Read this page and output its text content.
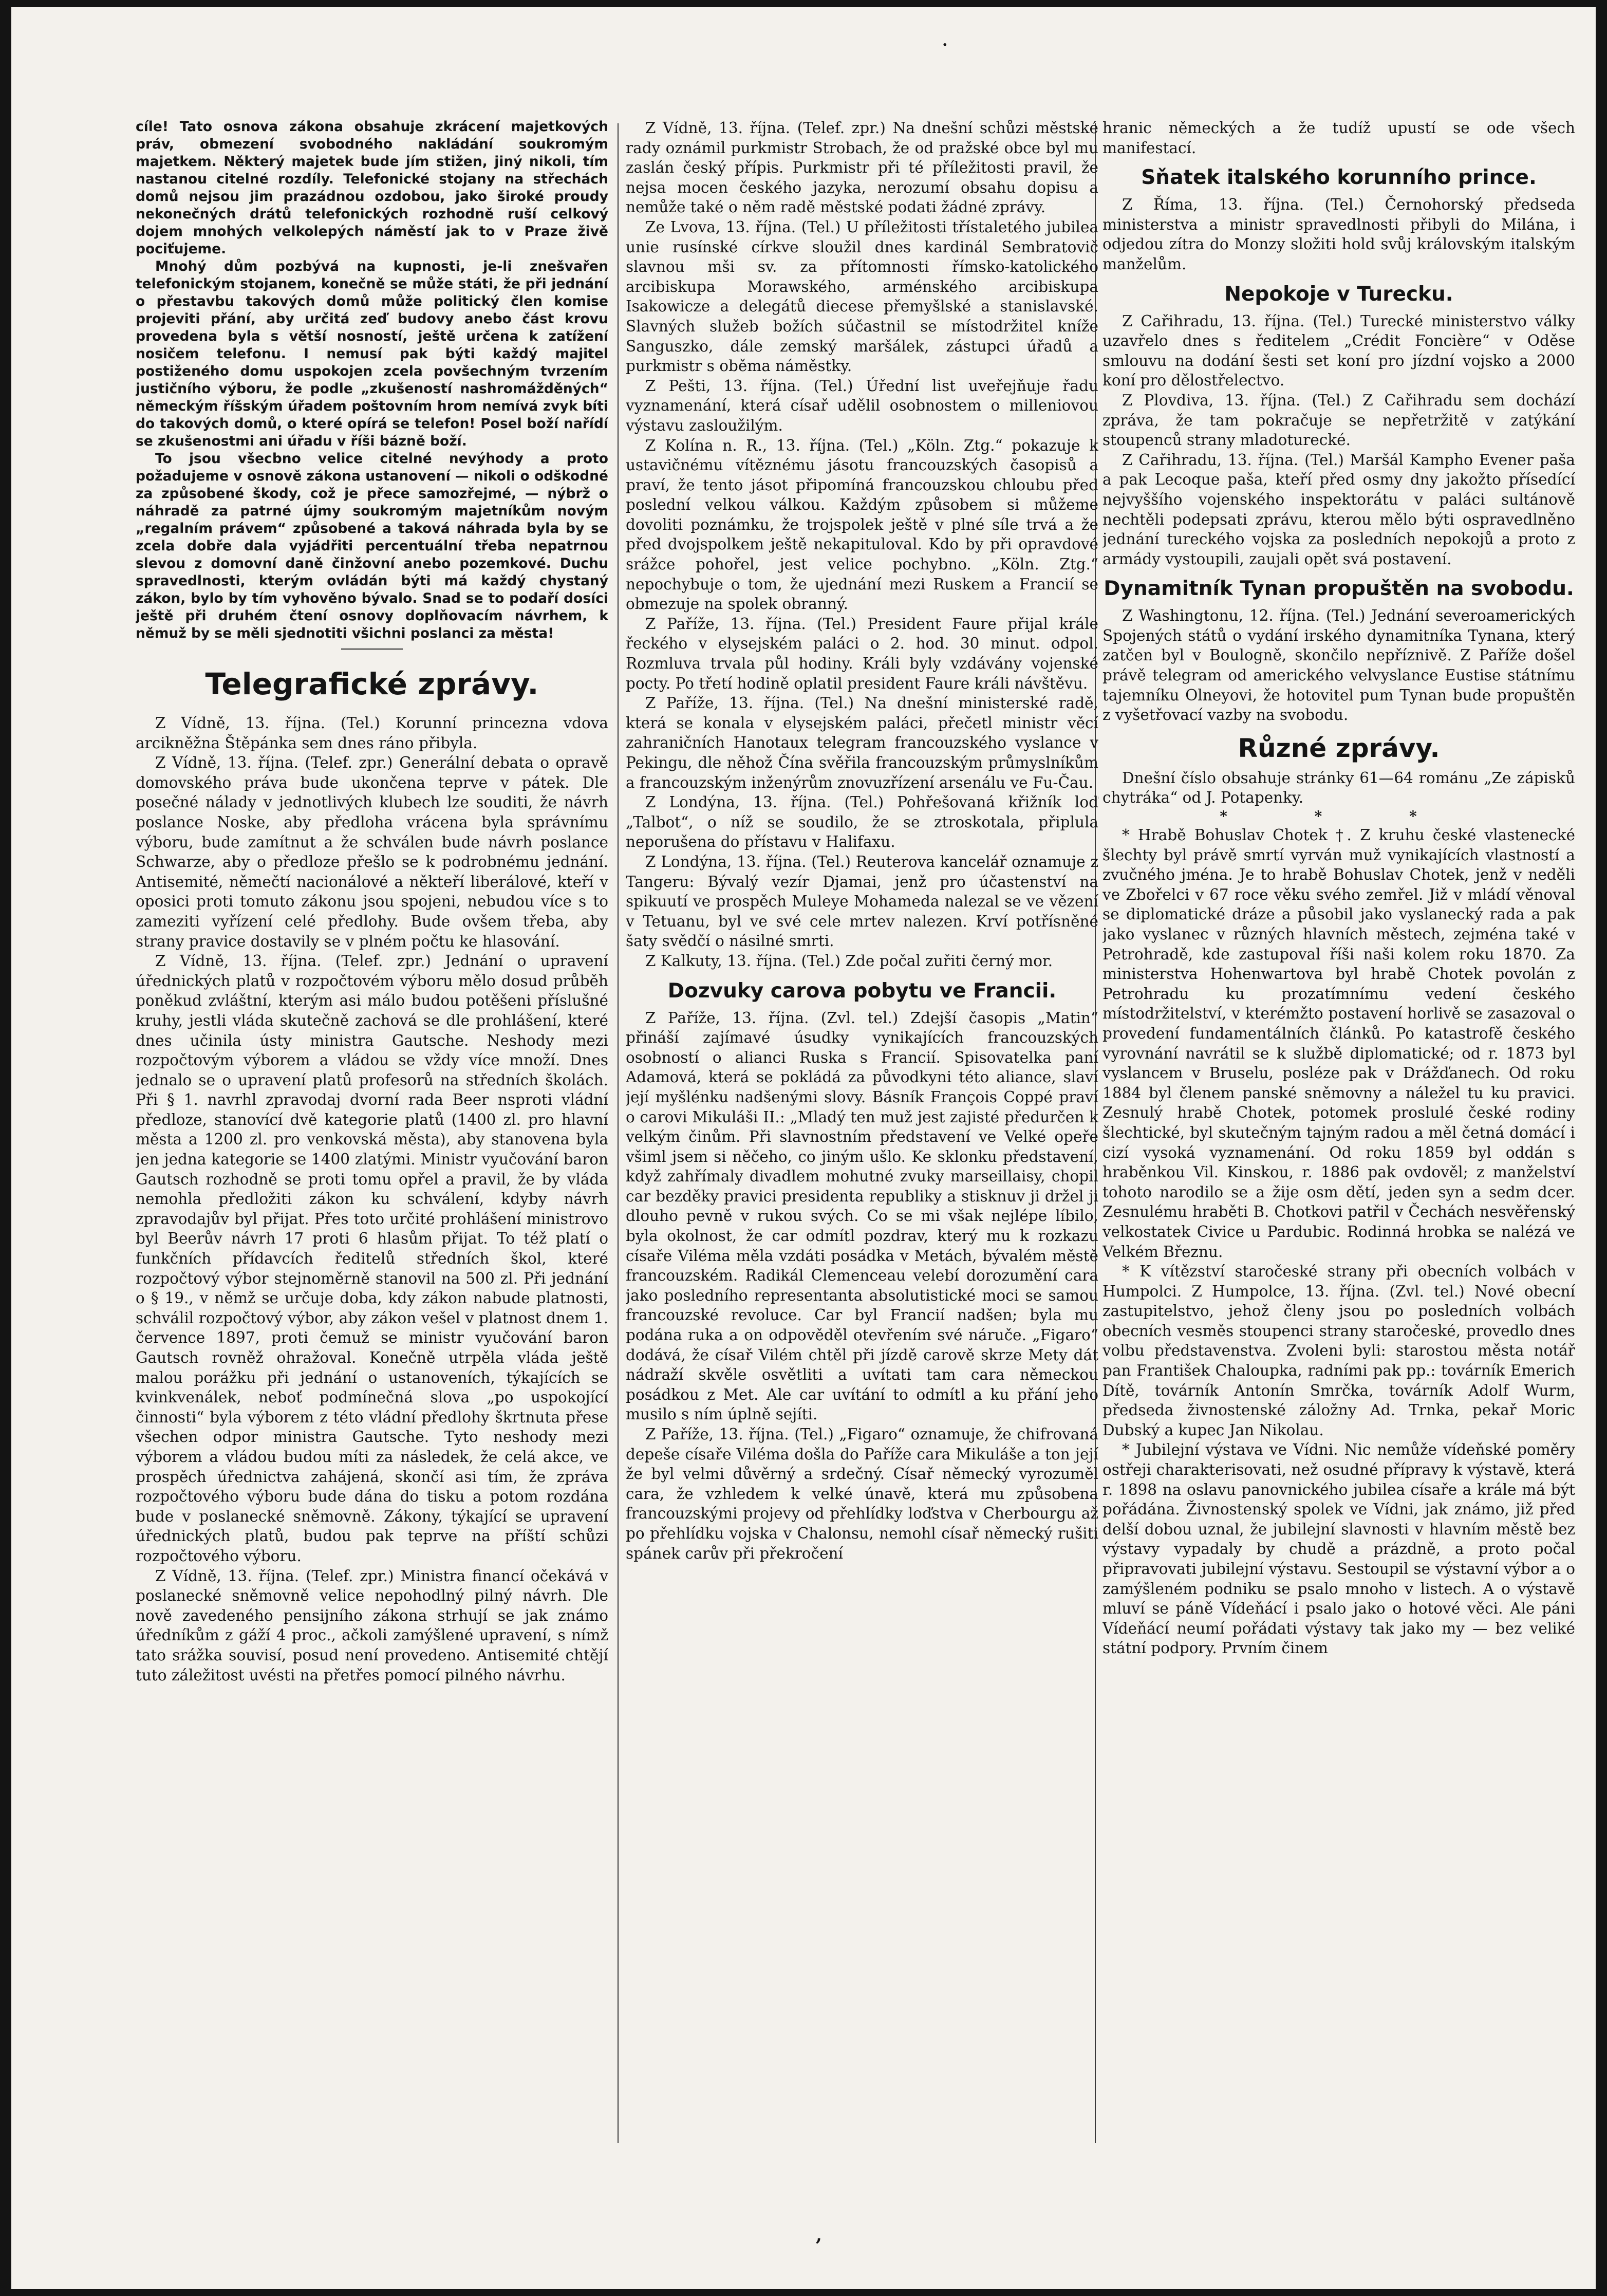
·

cíle! Tato osnova zákona obsahuje zkrácení majetkových práv, obmezení svobodného nakládání soukromým majetkem. Některý majetek bude jím stižen, jiný nikoli, tím nastanou citelné rozdíly. Telefonické stojany na střechách domů nejsou jim prazádnou ozdobou, jako široké proudy nekonečných drátů telefonických rozhodně ruší celkový dojem mnohých velkolepých náměstí jak to v Praze živě pociťujeme.

Mnohý dům pozbývá na kupnosti, je-li znešvařen telefonickým stojanem, konečně se může státi, že při jednání o přestavbu takových domů může politický člen komise projeviti přání, aby určitá zeď budovy anebo část krovu provedena byla s větší nosností, ještě určena k zatížení nosičem telefonu. I nemusí pak býti každý majitel postiženého domu uspokojen zcela povšechným tvrzením justičního výboru, že podle „zkušeností nashromážděných“ německým říšským úřadem poštovním hrom nemívá zvyk bíti do takových domů, o které opírá se telefon! Posel boží nařídí se zkušenostmi ani úřadu v říši bázně boží.

To jsou všecbno velice citelné nevýhody a proto požadujeme v osnově zákona ustanovení — nikoli o odškodné za způsobené škody, což je přece samozřejmé, — nýbrž o náhradě za patrné újmy soukromým majetníkům novým „regalním právem“ způsobené a taková náhrada byla by se zcela dobře dala vyjádřiti percentuální třeba nepatrnou slevou z domovní daně činžovní anebo pozemkové. Duchu spravedlnosti, kterým ovládán býti má každý chystaný zákon, bylo by tím vyhověno bývalo. Snad se to podaří dosíci ještě při druhém čtení osnovy doplňovacím návrhem, k němuž by se měli sjednotiti všichni poslanci za města!

Telegrafické zprávy.

Z Vídně, 13. října. (Tel.) Korunní princezna vdova arcikněžna Štěpánka sem dnes ráno přibyla.

Z Vídně, 13. října. (Telef. zpr.) Generální debata o opravě domovského práva bude ukončena teprve v pátek. Dle posečné nálady v jednotlivých klubech lze souditi, že návrh poslance Noske, aby předloha vrácena byla správnímu výboru, bude zamítnut a že schválen bude návrh poslance Schwarze, aby o předloze přešlo se k podrobnému jednání. Antisemité, němečtí nacionálové a někteří liberálové, kteří v oposici proti tomuto zákonu jsou spojeni, nebudou více s to zameziti vyřízení celé předlohy. Bude ovšem třeba, aby strany pravice dostavily se v plném počtu ke hlasování.

Z Vídně, 13. října. (Telef. zpr.) Jednání o upravení úřednických platů v rozpočtovém výboru mělo dosud průběh poněkud zvláštní, kterým asi málo budou potěšeni příslušné kruhy, jestli vláda skutečně zachová se dle prohlášení, které dnes učinila ústy ministra Gautsche. Neshody mezi rozpočtovým výborem a vládou se vždy více množí. Dnes jednalo se o upravení platů profesorů na středních školách. Při § 1. navrhl zpravodaj dvorní rada Beer nsproti vládní předloze, stanovící dvě kategorie platů (1400 zl. pro hlavní města a 1200 zl. pro venkovská města), aby stanovena byla jen jedna kategorie se 1400 zlatými. Ministr vyučování baron Gautsch rozhodně se proti tomu opřel a pravil, že by vláda nemohla předložiti zákon ku schválení, kdyby návrh zpravodajův byl přijat. Přes toto určité prohlášení ministrovo byl Beerův návrh 17 proti 6 hlasům přijat. To též platí o funkčních přídavcích ředitelů středních škol, které rozpočtový výbor stejnoměrně stanovil na 500 zl. Při jednání o § 19., v němž se určuje doba, kdy zákon nabude platnosti, schválil rozpočtový výbor, aby zákon vešel v platnost dnem 1. července 1897, proti čemuž se ministr vyučování baron Gautsch rovněž ohražoval. Konečně utrpěla vláda ještě malou porážku při jednání o ustanoveních, týkajících se kvinkvenálek, neboť podmínečná slova „po uspokojící činnosti“ byla výborem z této vládní předlohy škrtnuta přese všechen odpor ministra Gautsche. Tyto neshody mezi výborem a vládou budou míti za následek, že celá akce, ve prospěch úřednictva zahájená, skončí asi tím, že zpráva rozpočtového výboru bude dána do tisku a potom rozdána bude v poslanecké sněmovně. Zákony, týkající se upravení úřednických platů, budou pak teprve na příští schůzi rozpočtového výboru.

Z Vídně, 13. října. (Telef. zpr.) Ministra financí očekává v poslanecké sněmovně velice nepohodlný pilný návrh. Dle nově zavedeného pensijního zákona strhují se jak známo úředníkům z gáží 4 proc., ačkoli zamýšlené upravení, s nímž tato srážka souvisí, posud není provedeno. Antisemité chtějí tuto záležitost uvésti na přetřes pomocí pilného návrhu.

Z Vídně, 13. října. (Telef. zpr.) Na dnešní schůzi městské rady oznámil purkmistr Strobach, že od pražské obce byl mu zaslán český přípis. Purkmistr při té příležitosti pravil, že nejsa mocen českého jazyka, nerozumí obsahu dopisu a nemůže také o něm radě městské podati žádné zprávy.

Ze Lvova, 13. října. (Tel.) U příležitosti třístaletého jubilea unie rusínské církve sloužil dnes kardinál Sembratovič slavnou mši sv. za přítomnosti římsko-katolického arcibiskupa Morawského, arménského arcibiskupa Isakowicze a delegátů diecese přemyšlské a stanislavské. Slavných služeb božích súčastnil se místodržitel kníže Sanguszko, dále zemský maršálek, zástupci úřadů a purkmistr s oběma náměstky.

Z Pešti, 13. října. (Tel.) Úřední list uveřejňuje řadu vyznamenání, která císař udělil osobnostem o milleniovou výstavu zasloužilým.

Z Kolína n. R., 13. října. (Tel.) „Köln. Ztg.“ pokazuje k ustavičnému vítěznému jásotu francouzských časopisů a praví, že tento jásot připomíná francouzskou chloubu před poslední velkou válkou. Každým způsobem si můžeme dovoliti poznámku, že trojspolek ještě v plné síle trvá a že před dvojspolkem ještě nekapituloval. Kdo by při opravdové srážce pohořel, jest velice pochybno. „Köln. Ztg.“ nepochybuje o tom, že ujednání mezi Ruskem a Francií se obmezuje na spolek obranný.

Z Paříže, 13. října. (Tel.) President Faure přijal krále řeckého v elysejském paláci o 2. hod. 30 minut. odpol. Rozmluva trvala půl hodiny. Králi byly vzdávány vojenské pocty. Po třetí hodině oplatil president Faure králi návštěvu.

Z Paříže, 13. října. (Tel.) Na dnešní ministerské radě, která se konala v elysejském paláci, přečetl ministr věcí zahraničních Hanotaux telegram francouzského vyslance v Pekingu, dle něhož Čína svěřila francouzským průmyslníkům a francouzským inženýrům znovuzřízení arsenálu ve Fu-Čau.

Z Londýna, 13. října. (Tel.) Pohřešovaná křižník loď „Talbot“, o níž se soudilo, že se ztroskotala, připlula neporušena do přístavu v Halifaxu.

Z Londýna, 13. října. (Tel.) Reuterova kancelář oznamuje z Tangeru: Bývalý vezír Djamai, jenž pro účastenství na spikuutí ve prospěch Muleye Mohameda nalezal se ve vězení v Tetuanu, byl ve své cele mrtev nalezen. Krví potřísněné šaty svědčí o násilné smrti.

Z Kalkuty, 13. října. (Tel.) Zde počal zuřiti černý mor.

Dozvuky carova pobytu ve Francii.

Z Paříže, 13. října. (Zvl. tel.) Zdejší časopis „Matin“ přináší zajímavé úsudky vynikajících francouzských osobností o alianci Ruska s Francií. Spisovatelka paní Adamová, která se pokládá za původkyni této aliance, slaví její myšlénku nadšenými slovy. Básník François Coppé praví o carovi Mikuláši II.: „Mladý ten muž jest zajisté předurčen k velkým činům. Při slavnostním představení ve Velké opeře všiml jsem si něčeho, co jiným ušlo. Ke sklonku představení, když zahřímaly divadlem mohutné zvuky marseillaisy, chopil car bezděky pravici presidenta republiky a stisknuv ji držel ji dlouho pevně v rukou svých. Co se mi však nejlépe líbilo, byla okolnost, že car odmítl pozdrav, který mu k rozkazu císaře Viléma měla vzdáti posádka v Metách, bývalém městě francouzském. Radikál Clemenceau velebí dorozumění cara jako posledního representanta absolutistické moci se samou francouzské revoluce. Car byl Francií nadšen; byla mu podána ruka a on odpověděl otevřením své náruče. „Figaro“ dodává, že císař Vilém chtěl při jízdě carově skrze Mety dát nádraží skvěle osvětliti a uvítati tam cara německou posádkou z Met. Ale car uvítání to odmítl a ku přání jeho musilo s ním úplně sejíti.

Z Paříže, 13. října. (Tel.) „Figaro“ oznamuje, že chifrovaná depeše císaře Viléma došla do Paříže cara Mikuláše a ton její že byl velmi důvěrný a srdečný. Císař německý vyrozuměl cara, že vzhledem k velké únavě, která mu způsobena francouzskými projevy od přehlídky loďstva v Cherbourgu až po přehlídku vojska v Chalonsu, nemohl císař německý rušiti spánek carův při překročení

hranic německých a že tudíž upustí se ode všech manifestací.

Sňatek italského korunního prince.

Z Říma, 13. října. (Tel.) Černohorský předseda ministerstva a ministr spravedlnosti přibyli do Milána, i odjedou zítra do Monzy složiti hold svůj královským italským manželům.

Nepokoje v Turecku.

Z Cařihradu, 13. října. (Tel.) Turecké ministerstvo války uzavřelo dnes s ředitelem „Crédit Foncière“ v Oděse smlouvu na dodání šesti set koní pro jízdní vojsko a 2000 koní pro dělostřelectvo.

Z Plovdiva, 13. října. (Tel.) Z Cařihradu sem dochází zpráva, že tam pokračuje se nepřetržitě v zatýkání stoupenců strany mladoturecké.

Z Cařihradu, 13. října. (Tel.) Maršál Kampho Evener paša a pak Lecoque paša, kteří před osmy dny jakožto přísedící nejvyššího vojenského inspektorátu v paláci sultánově nechtěli podepsati zprávu, kterou mělo býti ospravedlněno jednání tureckého vojska za posledních nepokojů a proto z armády vystoupili, zaujali opět svá postavení.

Dynamitník Tynan propuštěn na svobodu.

Z Washingtonu, 12. října. (Tel.) Jednání severoamerických Spojených států o vydání irského dynamitníka Tynana, který zatčen byl v Boulogně, skončilo nepříznivě. Z Paříže došel právě telegram od amerického velvyslance Eustise státnímu tajemníku Olneyovi, že hotovitel pum Tynan bude propuštěn z vyšetřovací vazby na svobodu.

Různé zprávy.

Dnešní číslo obsahuje stránky 61—64 románu „Ze zápisků chytráka“ od J. Potapenky.

* * *

* Hrabě Bohuslav Chotek †. Z kruhu české vlastenecké šlechty byl právě smrtí vyrván muž vynikajících vlastností a zvučného jména. Je to hrabě Bohuslav Chotek, jenž v neděli ve Zbořelci v 67 roce věku svého zemřel. Již v mládí věnoval se diplomatické dráze a působil jako vyslanecký rada a pak jako vyslanec v různých hlavních městech, zejména také v Petrohradě, kde zastupoval říši naši kolem roku 1870. Za ministerstva Hohenwartova byl hrabě Chotek povolán z Petrohradu ku prozatímnímu vedení českého místodržitelství, v kterémžto postavení horlivě se zasazoval o provedení fundamentálních článků. Po katastrofě českého vyrovnání navrátil se k službě diplomatické; od r. 1873 byl vyslancem v Bruselu, posléze pak v Drážďanech. Od roku 1884 byl členem panské sněmovny a náležel tu ku pravici. Zesnulý hrabě Chotek, potomek proslulé české rodiny šlechtické, byl skutečným tajným radou a měl četná domácí i cizí vysoká vyznamenání. Od roku 1859 byl oddán s hraběnkou Vil. Kinskou, r. 1886 pak ovdověl; z manželství tohoto narodilo se a žije osm dětí, jeden syn a sedm dcer. Zesnulému hraběti B. Chotkovi patřil v Čechách nesvěřenský velkostatek Civice u Pardubic. Rodinná hrobka se nalézá ve Velkém Březnu.

* K vítězství staročeské strany při obecních volbách v Humpolci. Z Humpolce, 13. října. (Zvl. tel.) Nové obecní zastupitelstvo, jehož členy jsou po posledních volbách obecních vesměs stoupenci strany staročeské, provedlo dnes volbu představenstva. Zvoleni byli: starostou města notář pan František Chaloupka, radními pak pp.: továrník Emerich Dítě, továrník Antonín Smrčka, továrník Adolf Wurm, předseda živnostenské záložny Ad. Trnka, pekař Moric Dubský a kupec Jan Nikolau.

* Jubilejní výstava ve Vídni. Nic nemůže vídeňské poměry ostřeji charakterisovati, než osudné přípravy k výstavě, která r. 1898 na oslavu panovnického jubilea císaře a krále má být pořádána. Živnostenský spolek ve Vídni, jak známo, již před delší dobou uznal, že jubilejní slavnosti v hlavním městě bez výstavy vypadaly by chudě a prázdně, a proto počal připravovati jubilejní výstavu. Sestoupil se výstavní výbor a o zamýšleném podniku se psalo mnoho v listech. A o výstavě mluví se páně Vídeňácí i psalo jako o hotové věci. Ale páni Vídeňácí neumí pořádati výstavy tak jako my — bez veliké státní podpory. Prvním činem

,
